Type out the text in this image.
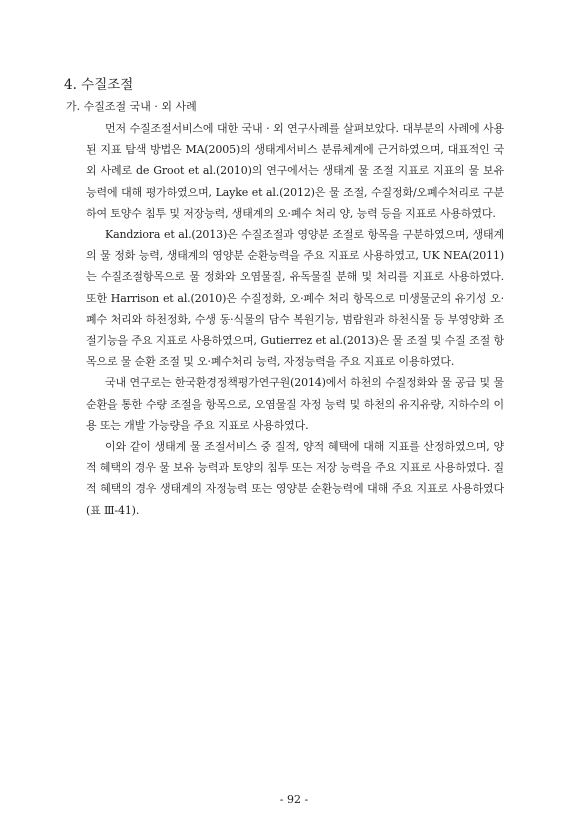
4. 수질조절
가. 수질조절 국내 · 외 사례

먼저 수질조절서비스에 대한 국내 · 외 연구사례를 살펴보았다. 대부분의 사례에 사용된 지표 탐색 방법은 MA(2005)의 생태계서비스 분류체계에 근거하였으며, 대표적인 국외 사례로 de Groot et al.(2010)의 연구에서는 생태계 물 조절 지표로 지표의 물 보유 능력에 대해 평가하였으며, Layke et al.(2012)은 물 조절, 수질정화/오폐수처리로 구분하여 토양수 침투 및 저장능력, 생태계의 오·폐수 처리 양, 능력 등을 지표로 사용하였다.

Kandziora et al.(2013)은 수질조절과 영양분 조절로 항목을 구분하였으며, 생태계의 물 정화 능력, 생태계의 영양분 순환능력을 주요 지표로 사용하였고, UK NEA(2011)는 수질조절항목으로 물 정화와 오염물질, 유독물질 분해 및 처리를 지표로 사용하였다. 또한 Harrison et al.(2010)은 수질정화, 오·폐수 처리 항목으로 미생물군의 유기성 오·폐수 처리와 하천정화, 수생 동·식물의 담수 복원기능, 범람원과 하천식물 등 부영양화 조절기능을 주요 지표로 사용하였으며, Gutierrez et al.(2013)은 물 조절 및 수질 조절 항목으로 물 순환 조절 및 오·폐수처리 능력, 자정능력을 주요 지표로 이용하였다.

국내 연구로는 한국환경정책평가연구원(2014)에서 하천의 수질정화와 물 공급 및 물 순환을 통한 수량 조절을 항목으로, 오염물질 자정 능력 및 하천의 유지유량, 지하수의 이용 또는 개발 가능량을 주요 지표로 사용하였다.

이와 같이 생태계 물 조절서비스 중 질적, 양적 혜택에 대해 지표를 산정하였으며, 양적 혜택의 경우 물 보유 능력과 토양의 침투 또는 저장 능력을 주요 지표로 사용하였다. 질적 혜택의 경우 생태계의 자정능력 또는 영양분 순환능력에 대해 주요 지표로 사용하였다(표 Ⅲ-41).

- 92 -
